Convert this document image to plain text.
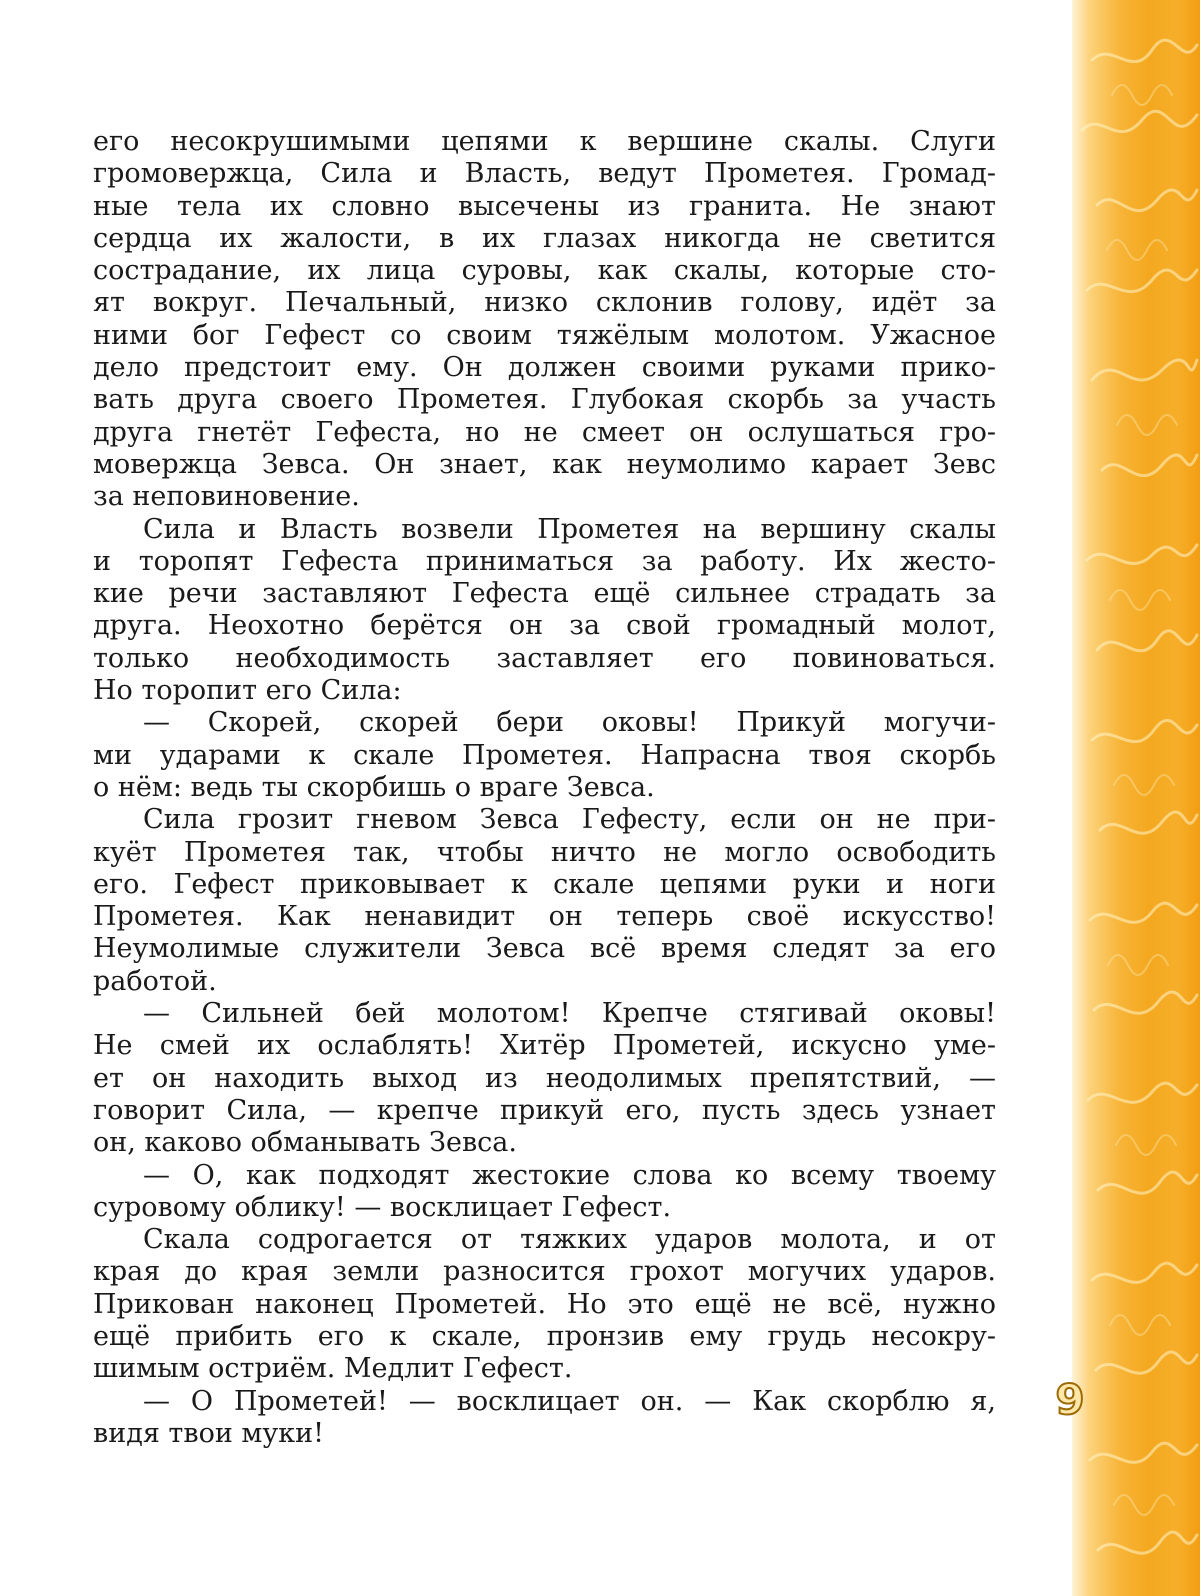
его несокрушимыми цепями к вершине скалы. Слуги
громовержца, Сила и Власть, ведут Прометея. Громад-
ные тела их словно высечены из гранита. Не знают
сердца их жалости, в их глазах никогда не светится
сострадание, их лица суровы, как скалы, которые сто-
ят вокруг. Печальный, низко склонив голову, идёт за
ними бог Гефест со своим тяжёлым молотом. Ужасное
дело предстоит ему. Он должен своими руками прико-
вать друга своего Прометея. Глубокая скорбь за участь
друга гнетёт Гефеста, но не смеет он ослушаться гро-
мовержца Зевса. Он знает, как неумолимо карает Зевс
за неповиновение.
Сила и Власть возвели Прометея на вершину скалы
и торопят Гефеста приниматься за работу. Их жесто-
кие речи заставляют Гефеста ещё сильнее страдать за
друга. Неохотно берётся он за свой громадный молот,
только необходимость заставляет его повиноваться.
Но торопит его Сила:
— Скорей, скорей бери оковы! Прикуй могучи-
ми ударами к скале Прометея. Напрасна твоя скорбь
о нём: ведь ты скорбишь о враге Зевса.
Сила грозит гневом Зевса Гефесту, если он не при-
куёт Прометея так, чтобы ничто не могло освободить
его. Гефест приковывает к скале цепями руки и ноги
Прометея. Как ненавидит он теперь своё искусство!
Неумолимые служители Зевса всё время следят за его
работой.
— Сильней бей молотом! Крепче стягивай оковы!
Не смей их ослаблять! Хитёр Прометей, искусно уме-
ет он находить выход из неодолимых препятствий, —
говорит Сила, — крепче прикуй его, пусть здесь узнает
он, каково обманывать Зевса.
— О, как подходят жестокие слова ко всему твоему
суровому облику! — восклицает Гефест.
Скала содрогается от тяжких ударов молота, и от
края до края земли разносится грохот могучих ударов.
Прикован наконец Прометей. Но это ещё не всё, нужно
ещё прибить его к скале, пронзив ему грудь несокру-
шимым остриём. Медлит Гефест.
— О Прометей! — восклицает он. — Как скорблю я,
видя твои муки!
9
